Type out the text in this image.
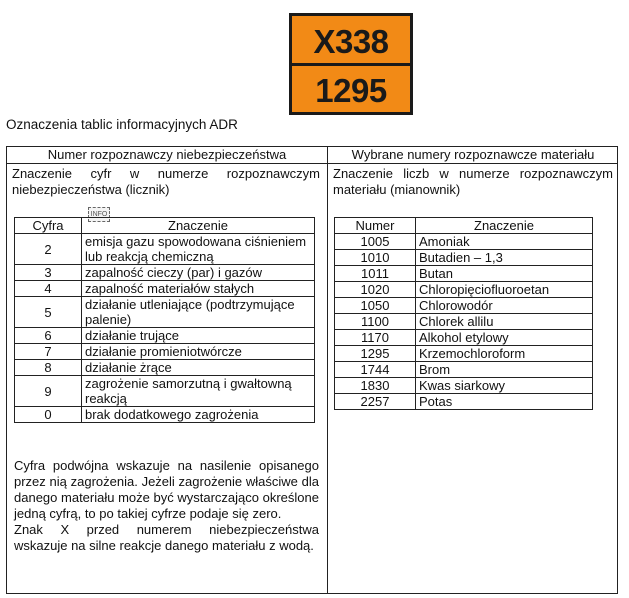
X338
1295
Oznaczenia tablic informacyjnych ADR
Numer rozpoznawczy niebezpieczeństwa	Wybrane numery rozpoznawcze materiału
Znaczenie cyfr w numerze rozpoznawczym niebezpieczeństwa (licznik)
Znaczenie liczb w numerze rozpoznawczym materiału (mianownik)
INFO
Cyfra	Znaczenie
2	emisja gazu spowodowana ciśnieniem lub reakcją chemiczną
3	zapalność cieczy (par) i gazów
4	zapalność materiałów stałych
5	działanie utleniające (podtrzymujące palenie)
6	działanie trujące
7	działanie promieniotwórcze
8	działanie żrące
9	zagrożenie samorzutną i gwałtowną reakcją
0	brak dodatkowego zagrożenia
Numer	Znaczenie
1005	Amoniak
1010	Butadien – 1,3
1011	Butan
1020	Chloropięciofluoroetan
1050	Chlorowodór
1100	Chlorek allilu
1170	Alkohol etylowy
1295	Krzemochloroform
1744	Brom
1830	Kwas siarkowy
2257	Potas

Cyfra podwójna wskazuje na nasilenie opisanego przez nią zagrożenia. Jeżeli zagrożenie właściwe dla danego materiału może być wystarczająco określone jedną cyfrą, to po takiej cyfrze podaje się zero.

Znak X przed numerem niebezpieczeństwa wskazuje na silne reakcje danego materiału z wodą.
